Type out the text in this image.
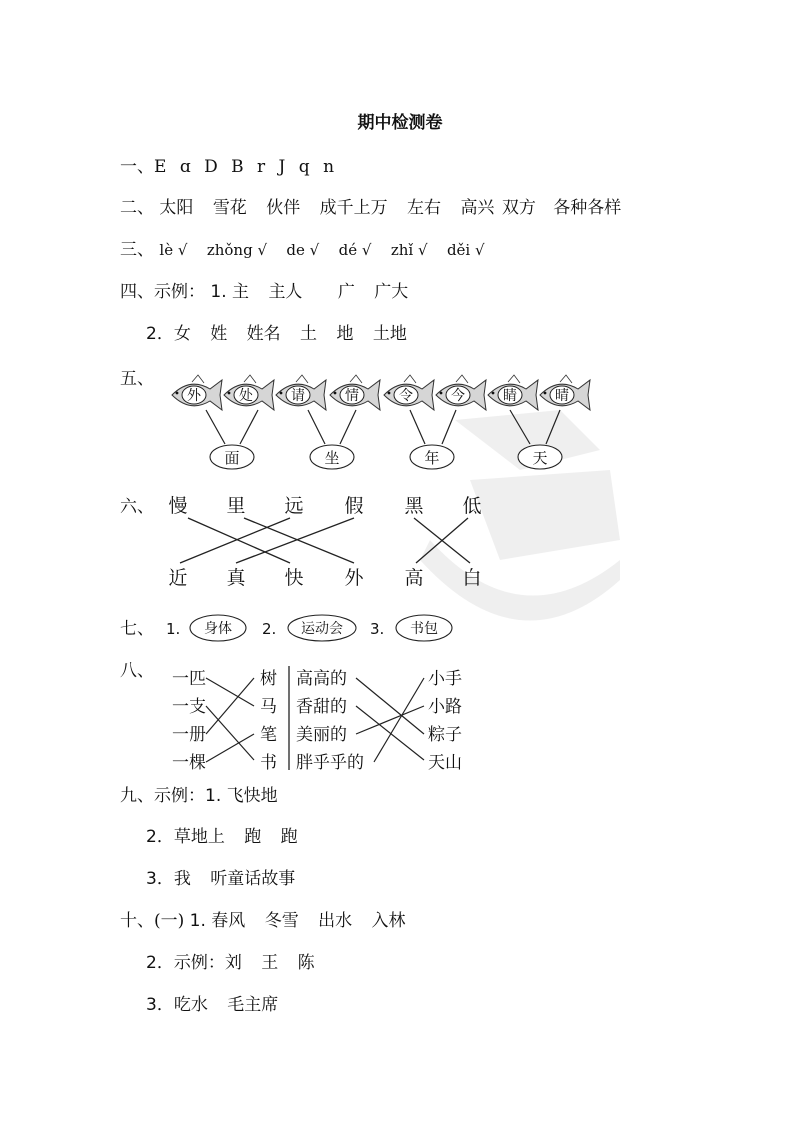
期中检测卷
一、E ɑ D B r J q n
二、 太阳 雪花 伙伴 成千上万 左右 高兴 双方 各种各样
三、 lè √ zhǒng √ de √ dé √ zhǐ √ děi √
四、示例： 1. 主 主人 广 广大
2．女 姓 姓名 土 地 土地
五、
外	处	请	情	令	今	睛	晴
面	坐	年	天
六、 慢 里 远 假 黑 低
近 真 快 外 高 白
七、 1.	2.	3.
身体	运动会	书包
八、 一匹
一支
一册
一棵
树
马
笔
书
高高的
香甜的
美丽的
胖乎乎的
小手
小路
粽子
天山
九、示例：1. 飞快地
2．草地上 跑 跑
3．我 听童话故事
十、(一) 1. 春风 冬雪 出水 入林
2．示例：刘 王 陈
3．吃水 毛主席
